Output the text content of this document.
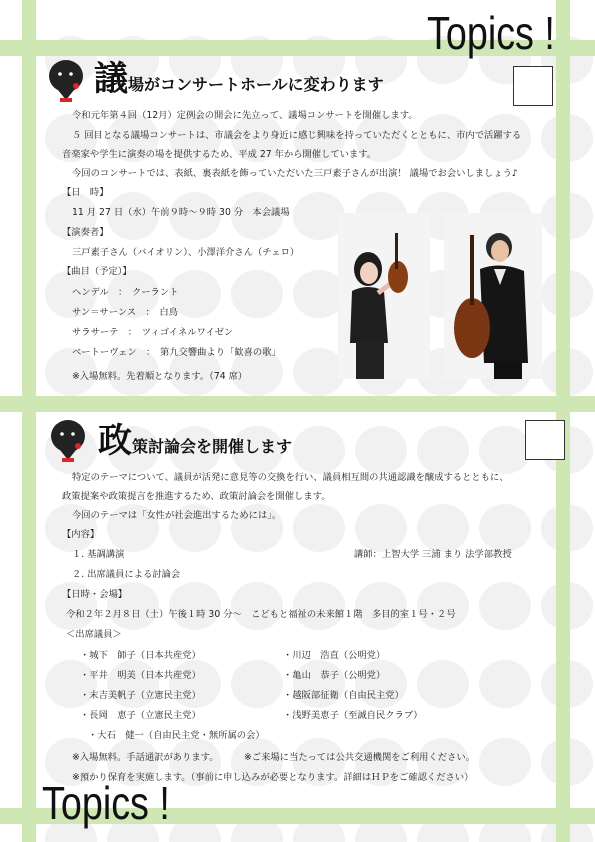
Topics !
Topics !
議 場がコンサートホールに変わります
令和元年第４回（12月）定例会の開会に先立って、議場コンサートを開催します。
５ 回目となる議場コンサートは、市議会をより身近に感じ興味を持っていただくとともに、市内で活躍する
音楽家や学生に演奏の場を提供するため、平成 27 年から開催しています。
今回のコンサートでは、表紙、裏表紙を飾っていただいた三戸素子さんが出演！ 議場でお会いしましょう♪
【日　時】
11 月 27 日（水）午前９時〜９時 30 分　本会議場
【演奏者】
三戸素子さん（バイオリン）、小澤洋介さん（チェロ）
【曲目（予定）】
ヘンデル　：　クーラント
サン＝サーンス　：　白鳥
サラサーテ　：　ツィゴイネルワイゼン
ベートーヴェン　：　第九交響曲より「歓喜の歌」
※入場無料。先着順となります。（74 席）
政 策討論会を開催します
特定のテーマについて、議員が活発に意見等の交換を行い、議員相互間の共通認識を醸成するとともに、
政策提案や政策提言を推進するため、政策討論会を開催します。
今回のテーマは「女性が社会進出するためには」。
【内容】
１. 基調講演	講師：上智大学 三浦 まり 法学部教授
２. 出席議員による討論会
【日時・会場】
令和２年２月８日（土）午後１時 30 分〜　こどもと福祉の未来館１階　多目的室１号・２号
＜出席議員＞
・城下　師子（日本共産党）
・平井　明美（日本共産党）
・末吉美帆子（立憲民主党）
・長岡　恵子（立憲民主党）
・大石　健一（自由民主党・無所属の会）
・川辺　浩直（公明党）
・亀山　恭子（公明党）
・越阪部征衛（自由民主党）
・浅野美恵子（至誠自民クラブ）
※入場無料。手話通訳があります。	※ご来場に当たっては公共交通機関をご利用ください。
※預かり保育を実施します。（事前に申し込みが必要となります。詳細はＨＰをご確認ください）
